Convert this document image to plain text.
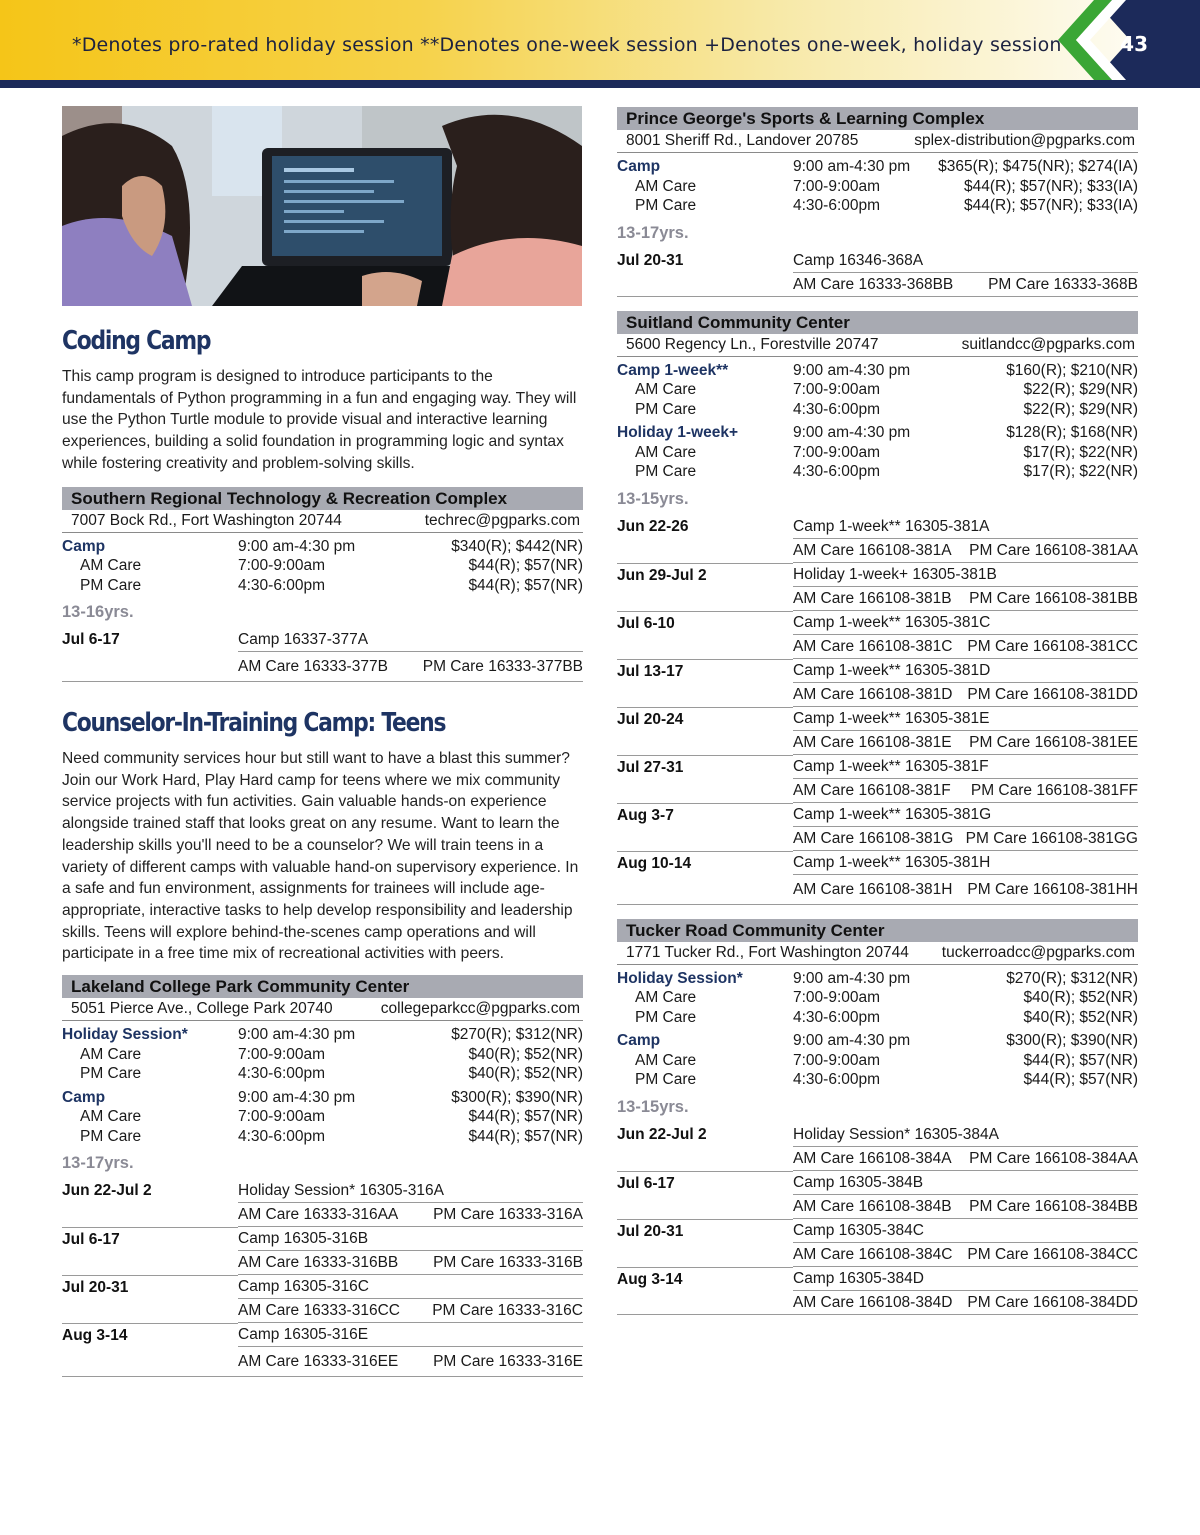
*Denotes pro-rated holiday session **Denotes one-week session +Denotes one-week, holiday session	43
Coding Camp
This camp program is designed to introduce participants to the fundamentals of Python programming in a fun and engaging way. They will use the Python Turtle module to provide visual and interactive learning experiences, building a solid foundation in programming logic and syntax while fostering creativity and problem-solving skills.
Southern Regional Technology & Recreation Complex
7007 Bock Rd., Fort Washington 20744	techrec@pgparks.com
Camp	9:00 am-4:30 pm	$340(R); $442(NR)
AM Care	7:00-9:00am	$44(R); $57(NR)
PM Care	4:30-6:00pm	$44(R); $57(NR)
13-16yrs.
Jul 6-17	Camp 16337-377A
AM Care 16333-377B PM Care 16333-377BB
Counselor-In-Training Camp: Teens
Need community services hour but still want to have a blast this summer? Join our Work Hard, Play Hard camp for teens where we mix community service projects with fun activities. Gain valuable hands-on experience alongside trained staff that looks great on any resume. Want to learn the leadership skills you'll need to be a counselor? We will train teens in a variety of different camps with valuable hand-on supervisory experience. In a safe and fun environment, assignments for trainees will include age-appropriate, interactive tasks to help develop responsibility and leadership skills. Teens will explore behind-the-scenes camp operations and will participate in a free time mix of recreational activities with peers.
Lakeland College Park Community Center
5051 Pierce Ave., College Park 20740	collegeparkcc@pgparks.com
Holiday Session*	9:00 am-4:30 pm	$270(R); $312(NR)
AM Care	7:00-9:00am	$40(R); $52(NR)
PM Care	4:30-6:00pm	$40(R); $52(NR)
Camp	9:00 am-4:30 pm	$300(R); $390(NR)
AM Care	7:00-9:00am	$44(R); $57(NR)
PM Care	4:30-6:00pm	$44(R); $57(NR)
13-17yrs.
Jun 22-Jul 2	Holiday Session* 16305-316A
AM Care 16333-316AA PM Care 16333-316A
Jul 6-17	Camp 16305-316B
AM Care 16333-316BB PM Care 16333-316B
Jul 20-31	Camp 16305-316C
AM Care 16333-316CC PM Care 16333-316C
Aug 3-14	Camp 16305-316E
AM Care 16333-316EE PM Care 16333-316E
Prince George's Sports & Learning Complex
8001 Sheriff Rd., Landover 20785	splex-distribution@pgparks.com
Camp	9:00 am-4:30 pm	$365(R); $475(NR); $274(IA)
AM Care	7:00-9:00am	$44(R); $57(NR); $33(IA)
PM Care	4:30-6:00pm	$44(R); $57(NR); $33(IA)
13-17yrs.
Jul 20-31	Camp 16346-368A
AM Care 16333-368BB PM Care 16333-368B
Suitland Community Center
5600 Regency Ln., Forestville 20747	suitlandcc@pgparks.com
Camp 1-week**	9:00 am-4:30 pm	$160(R); $210(NR)
AM Care	7:00-9:00am	$22(R); $29(NR)
PM Care	4:30-6:00pm	$22(R); $29(NR)
Holiday 1-week+	9:00 am-4:30 pm	$128(R); $168(NR)
AM Care	7:00-9:00am	$17(R); $22(NR)
PM Care	4:30-6:00pm	$17(R); $22(NR)
13-15yrs.
Jun 22-26	Camp 1-week** 16305-381A
AM Care 166108-381A PM Care 166108-381AA
Jun 29-Jul 2	Holiday 1-week+ 16305-381B
AM Care 166108-381B PM Care 166108-381BB
Jul 6-10	Camp 1-week** 16305-381C
AM Care 166108-381C PM Care 166108-381CC
Jul 13-17	Camp 1-week** 16305-381D
AM Care 166108-381D PM Care 166108-381DD
Jul 20-24	Camp 1-week** 16305-381E
AM Care 166108-381E PM Care 166108-381EE
Jul 27-31	Camp 1-week** 16305-381F
AM Care 166108-381F PM Care 166108-381FF
Aug 3-7	Camp 1-week** 16305-381G
AM Care 166108-381G PM Care 166108-381GG
Aug 10-14	Camp 1-week** 16305-381H
AM Care 166108-381H PM Care 166108-381HH
Tucker Road Community Center
1771 Tucker Rd., Fort Washington 20744 tuckerroadcc@pgparks.com
Holiday Session*	9:00 am-4:30 pm	$270(R); $312(NR)
AM Care	7:00-9:00am	$40(R); $52(NR)
PM Care	4:30-6:00pm	$40(R); $52(NR)
Camp	9:00 am-4:30 pm	$300(R); $390(NR)
AM Care	7:00-9:00am	$44(R); $57(NR)
PM Care	4:30-6:00pm	$44(R); $57(NR)
13-15yrs.
Jun 22-Jul 2	Holiday Session* 16305-384A
AM Care 166108-384A PM Care 166108-384AA
Jul 6-17	Camp 16305-384B
AM Care 166108-384B PM Care 166108-384BB
Jul 20-31	Camp 16305-384C
AM Care 166108-384C PM Care 166108-384CC
Aug 3-14	Camp 16305-384D
AM Care 166108-384D PM Care 166108-384DD
